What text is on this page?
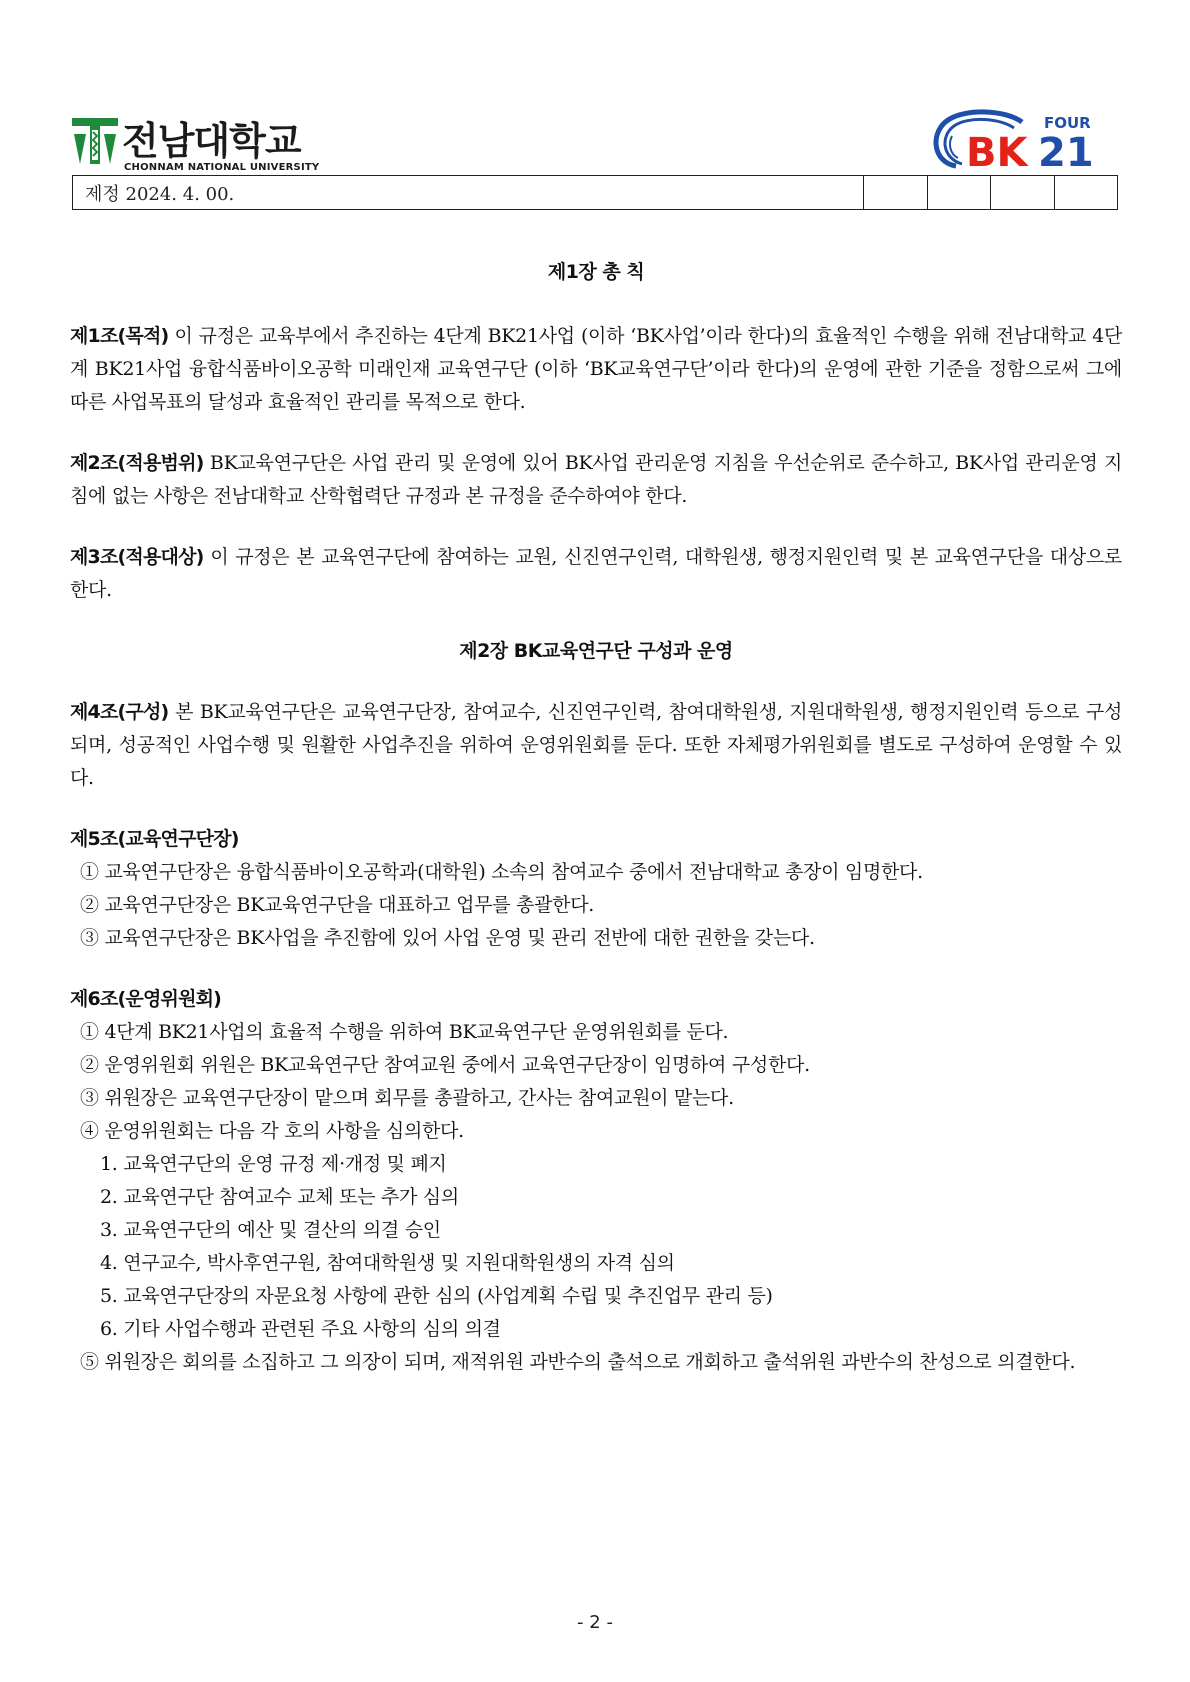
전남대학교
CHONNAM NATIONAL UNIVERSITY
FOUR
BK 21
제정 2024. 4. 00.				
제1장 총 칙

제1조(목적) 이 규정은 교육부에서 추진하는 4단계 BK21사업 (이하 ‘BK사업’이라 한다)의 효율적인 수행을 위해 전남대학교 4단계 BK21사업 융합식품바이오공학 미래인재 교육연구단 (이하 ‘BK교육연구단’이라 한다)의 운영에 관한 기준을 정함으로써 그에 따른 사업목표의 달성과 효율적인 관리를 목적으로 한다.

제2조(적용범위) BK교육연구단은 사업 관리 및 운영에 있어 BK사업 관리운영 지침을 우선순위로 준수하고, BK사업 관리운영 지침에 없는 사항은 전남대학교 산학협력단 규정과 본 규정을 준수하여야 한다.

제3조(적용대상) 이 규정은 본 교육연구단에 참여하는 교원, 신진연구인력, 대학원생, 행정지원인력 및 본 교육연구단을 대상으로 한다.

제2장 BK교육연구단 구성과 운영

제4조(구성) 본 BK교육연구단은 교육연구단장, 참여교수, 신진연구인력, 참여대학원생, 지원대학원생, 행정지원인력 등으로 구성되며, 성공적인 사업수행 및 원활한 사업추진을 위하여 운영위원회를 둔다. 또한 자체평가위원회를 별도로 구성하여 운영할 수 있다.

제5조(교육연구단장)
① 교육연구단장은 융합식품바이오공학과(대학원) 소속의 참여교수 중에서 전남대학교 총장이 임명한다.
② 교육연구단장은 BK교육연구단을 대표하고 업무를 총괄한다.
③ 교육연구단장은 BK사업을 추진함에 있어 사업 운영 및 관리 전반에 대한 권한을 갖는다.
제6조(운영위원회)
① 4단계 BK21사업의 효율적 수행을 위하여 BK교육연구단 운영위원회를 둔다.
② 운영위원회 위원은 BK교육연구단 참여교원 중에서 교육연구단장이 임명하여 구성한다.
③ 위원장은 교육연구단장이 맡으며 회무를 총괄하고, 간사는 참여교원이 맡는다.
④ 운영위원회는 다음 각 호의 사항을 심의한다.
1. 교육연구단의 운영 규정 제·개정 및 폐지
2. 교육연구단 참여교수 교체 또는 추가 심의
3. 교육연구단의 예산 및 결산의 의결 승인
4. 연구교수, 박사후연구원, 참여대학원생 및 지원대학원생의 자격 심의
5. 교육연구단장의 자문요청 사항에 관한 심의 (사업계획 수립 및 추진업무 관리 등)
6. 기타 사업수행과 관련된 주요 사항의 심의 의결
⑤ 위원장은 회의를 소집하고 그 의장이 되며, 재적위원 과반수의 출석으로 개회하고 출석위원 과반수의 찬성으로 의결한다.
- 2 -
